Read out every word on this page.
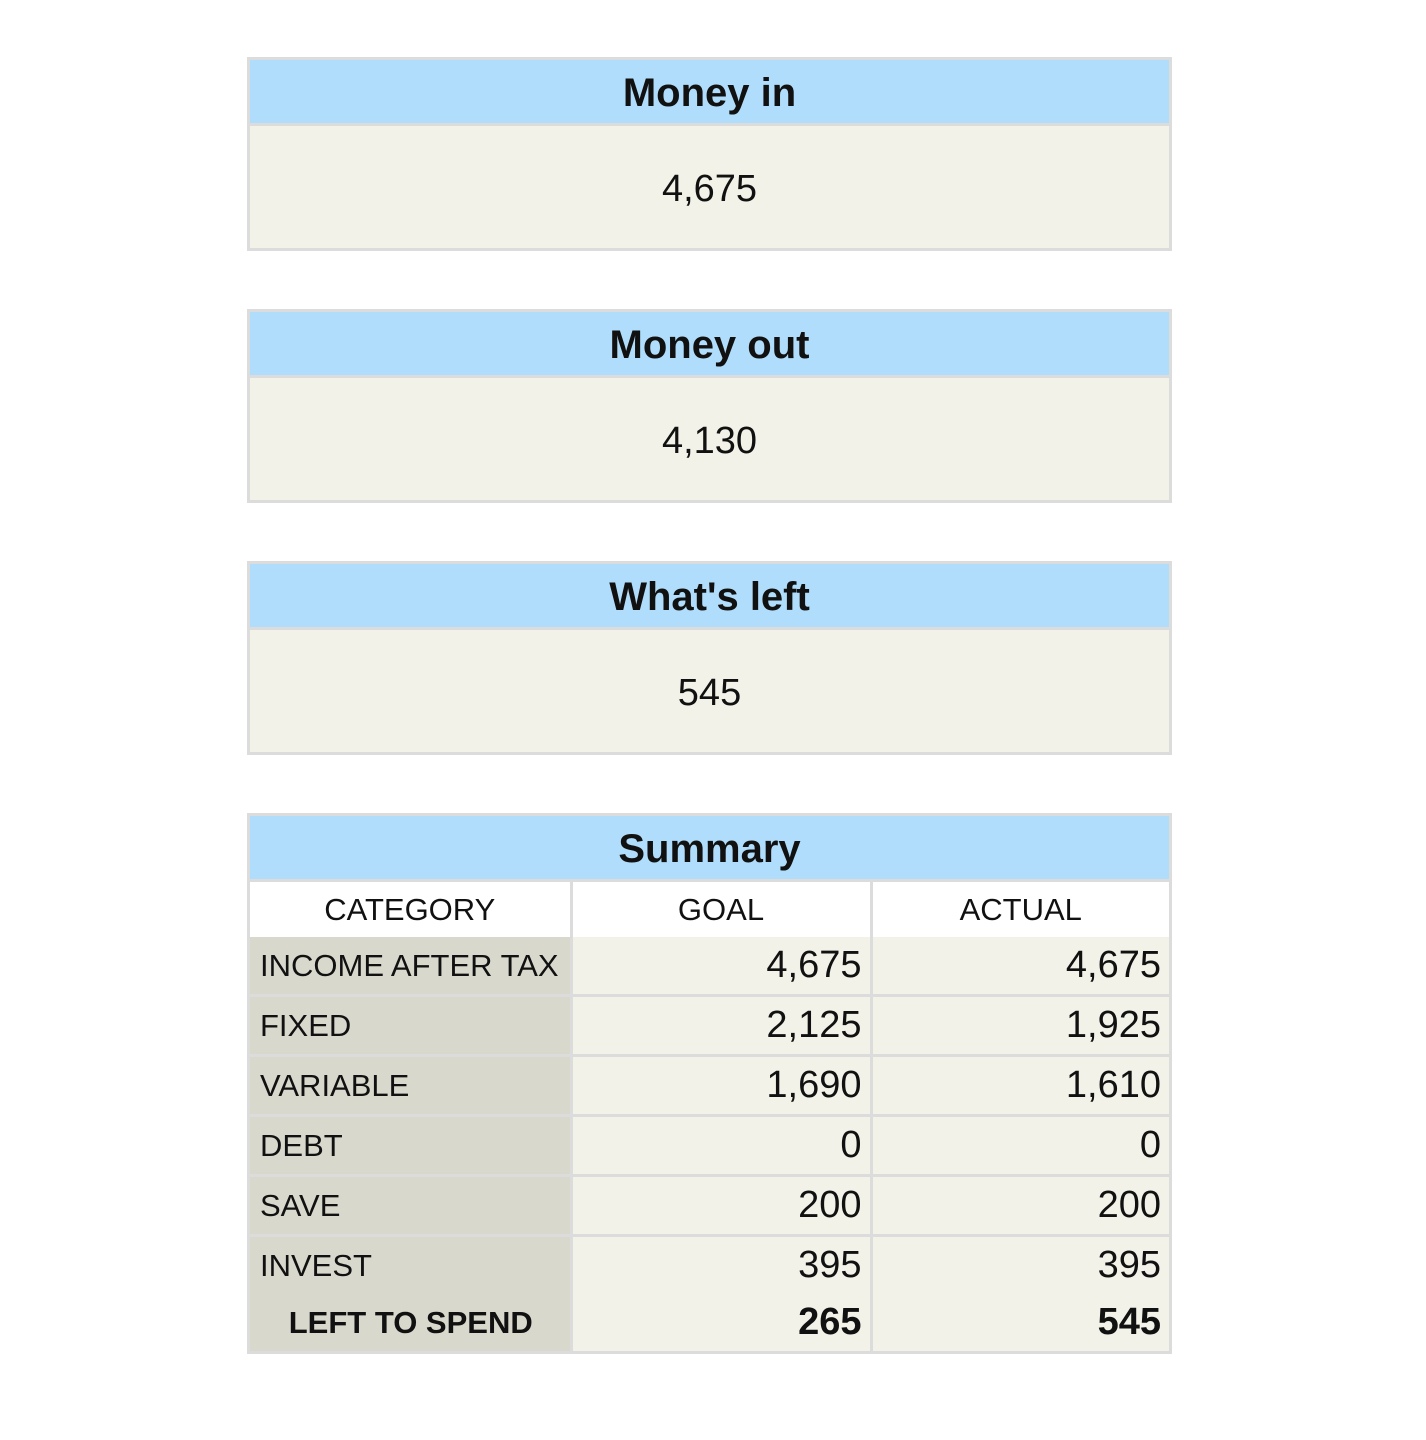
Money in
4,675
Money out
4,130
What's left
545
Summary
CATEGORY	GOAL	ACTUAL
INCOME AFTER TAX	4,675	4,675
FIXED	2,125	1,925
VARIABLE	1,690	1,610
DEBT	0	0
SAVE	200	200
INVEST	395	395
LEFT TO SPEND	265	545
